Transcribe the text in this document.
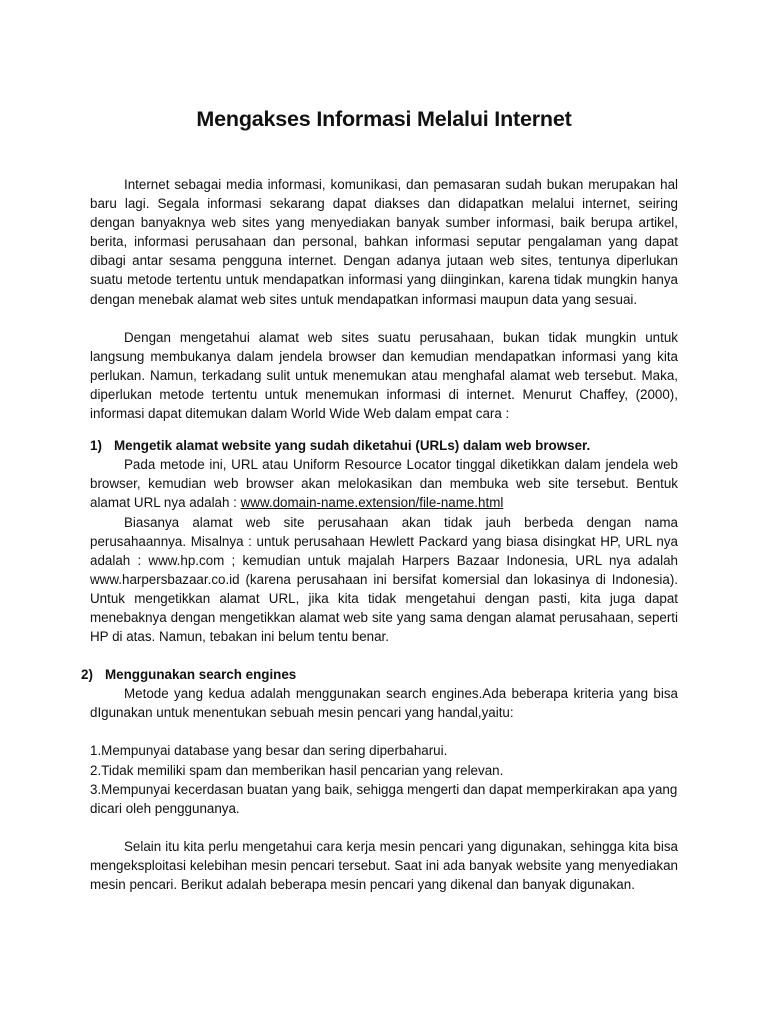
Mengakses Informasi Melalui Internet

Internet sebagai media informasi, komunikasi, dan pemasaran sudah bukan merupakan hal baru lagi. Segala informasi sekarang dapat diakses dan didapatkan melalui internet, seiring dengan banyaknya web sites yang menyediakan banyak sumber informasi, baik berupa artikel, berita, informasi perusahaan dan personal, bahkan informasi seputar pengalaman yang dapat dibagi antar sesama pengguna internet. Dengan adanya jutaan web sites, tentunya diperlukan suatu metode tertentu untuk mendapatkan informasi yang diinginkan, karena tidak mungkin hanya dengan menebak alamat web sites untuk mendapatkan informasi maupun data yang sesuai.

Dengan mengetahui alamat web sites suatu perusahaan, bukan tidak mungkin untuk langsung membukanya dalam jendela browser dan kemudian mendapatkan informasi yang kita perlukan. Namun, terkadang sulit untuk menemukan atau menghafal alamat web tersebut. Maka, diperlukan metode tertentu untuk menemukan informasi di internet. Menurut Chaffey, (2000), informasi dapat ditemukan dalam World Wide Web dalam empat cara :

1) Mengetik alamat website yang sudah diketahui (URLs) dalam web browser.

Pada metode ini, URL atau Uniform Resource Locator tinggal diketikkan dalam jendela web browser, kemudian web browser akan melokasikan dan membuka web site tersebut. Bentuk alamat URL nya adalah : www.domain-name.extension/file-name.html

Biasanya alamat web site perusahaan akan tidak jauh berbeda dengan nama perusahaannya. Misalnya : untuk perusahaan Hewlett Packard yang biasa disingkat HP, URL nya adalah : www.hp.com ; kemudian untuk majalah Harpers Bazaar Indonesia, URL nya adalah www.harpersbazaar.co.id (karena perusahaan ini bersifat komersial dan lokasinya di Indonesia). Untuk mengetikkan alamat URL, jika kita tidak mengetahui dengan pasti, kita juga dapat menebaknya dengan mengetikkan alamat web site yang sama dengan alamat perusahaan, seperti HP di atas. Namun, tebakan ini belum tentu benar.

2) Menggunakan search engines

Metode yang kedua adalah menggunakan search engines.Ada beberapa kriteria yang bisa dIgunakan untuk menentukan sebuah mesin pencari yang handal,yaitu:

1.Mempunyai database yang besar dan sering diperbaharui.

2.Tidak memiliki spam dan memberikan hasil pencarian yang relevan.

3.Mempunyai kecerdasan buatan yang baik, sehigga mengerti dan dapat memperkirakan apa yang dicari oleh penggunanya.

Selain itu kita perlu mengetahui cara kerja mesin pencari yang digunakan, sehingga kita bisa mengeksploitasi kelebihan mesin pencari tersebut. Saat ini ada banyak website yang menyediakan mesin pencari. Berikut adalah beberapa mesin pencari yang dikenal dan banyak digunakan.
